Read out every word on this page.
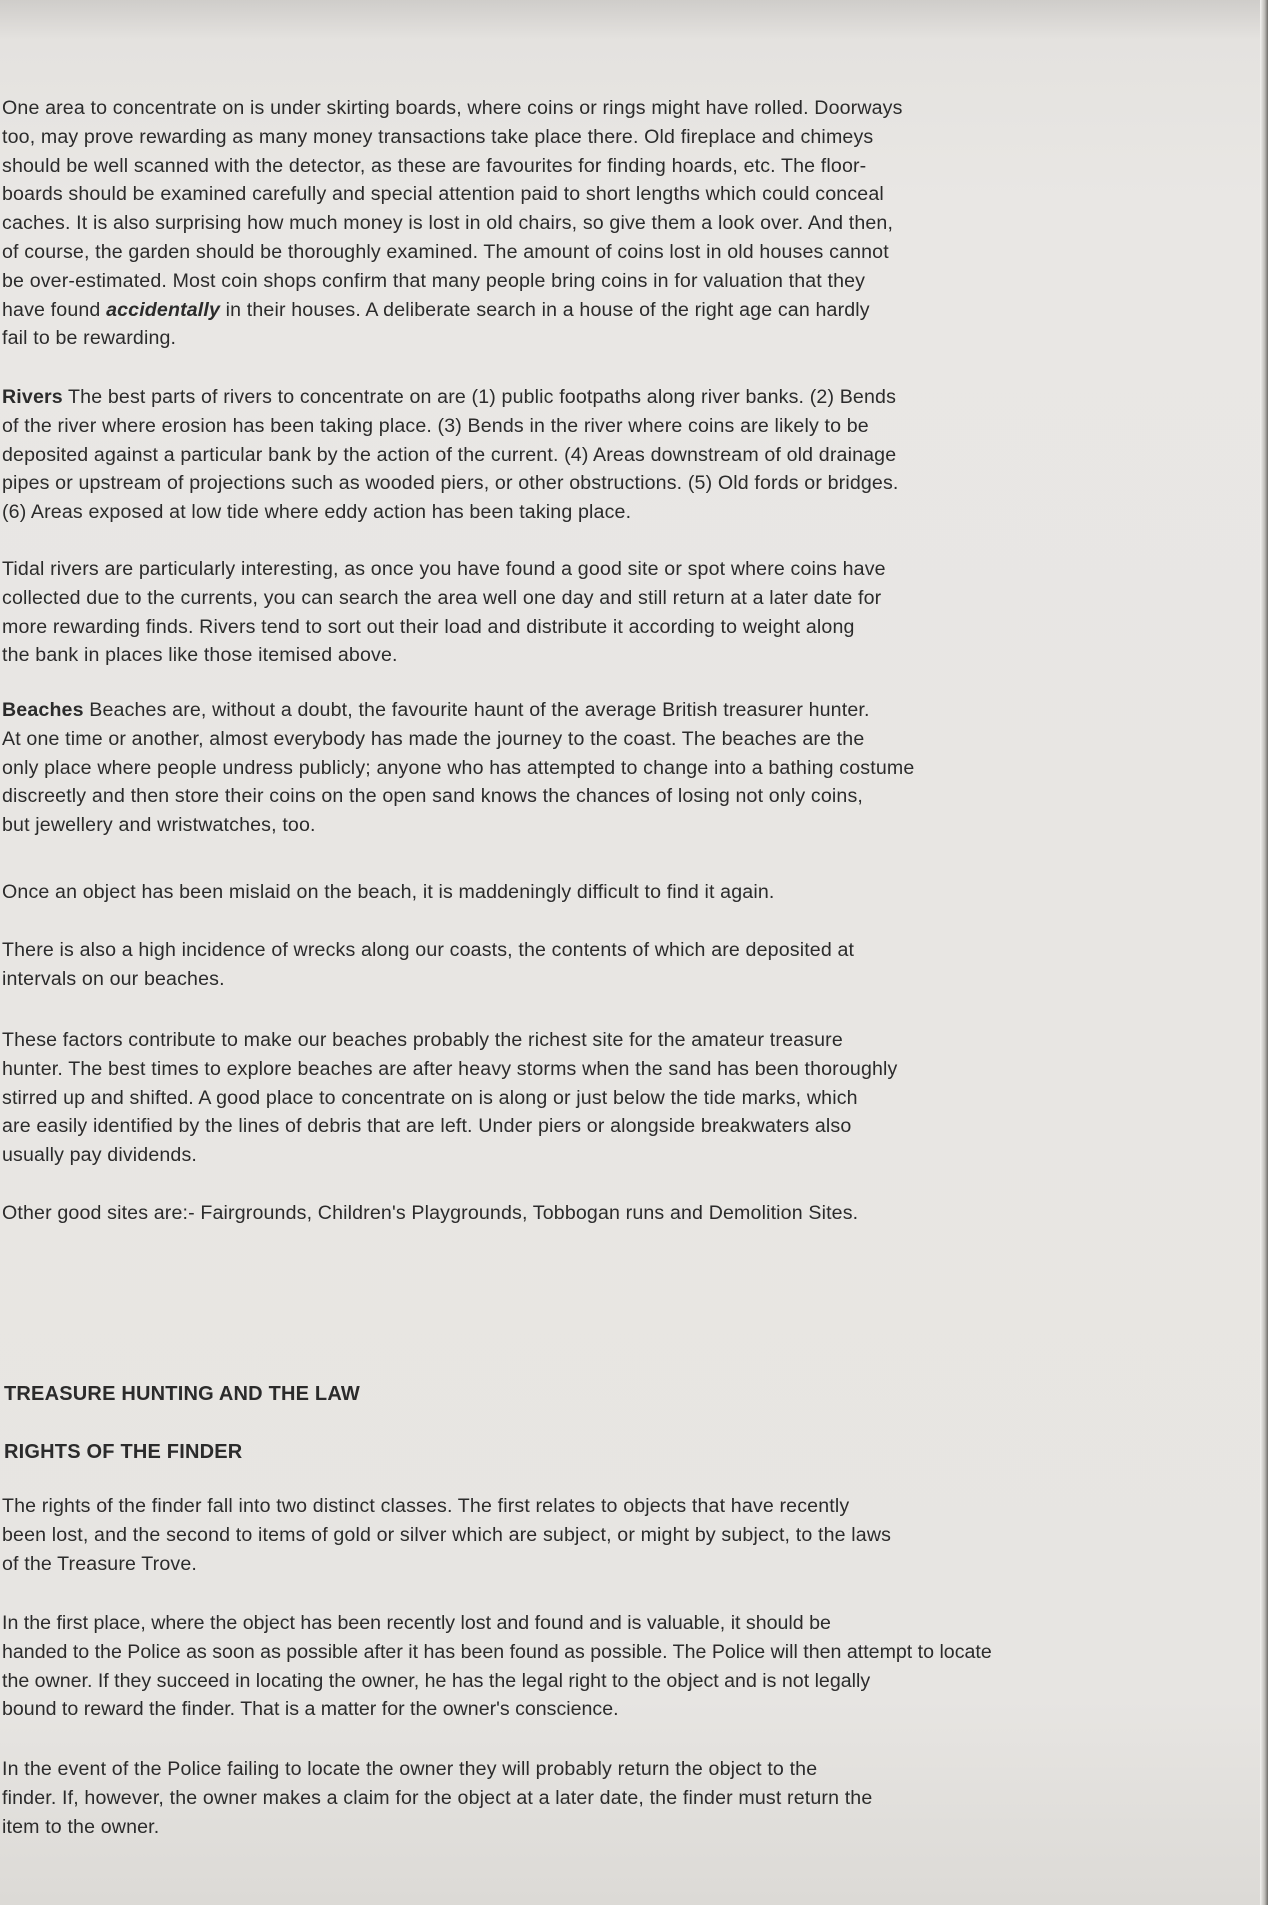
One area to concentrate on is under skirting boards, where coins or rings might have rolled. Doorways
too, may prove rewarding as many money transactions take place there. Old fireplace and chimeys
should be well scanned with the detector, as these are favourites for finding hoards, etc. The floor-
boards should be examined carefully and special attention paid to short lengths which could conceal
caches. It is also surprising how much money is lost in old chairs, so give them a look over. And then,
of course, the garden should be thoroughly examined. The amount of coins lost in old houses cannot
be over-estimated. Most coin shops confirm that many people bring coins in for valuation that they
have found accidentally in their houses. A deliberate search in a house of the right age can hardly
fail to be rewarding.
Rivers The best parts of rivers to concentrate on are (1) public footpaths along river banks. (2) Bends
of the river where erosion has been taking place. (3) Bends in the river where coins are likely to be
deposited against a particular bank by the action of the current. (4) Areas downstream of old drainage
pipes or upstream of projections such as wooded piers, or other obstructions. (5) Old fords or bridges.
(6) Areas exposed at low tide where eddy action has been taking place.
Tidal rivers are particularly interesting, as once you have found a good site or spot where coins have
collected due to the currents, you can search the area well one day and still return at a later date for
more rewarding finds. Rivers tend to sort out their load and distribute it according to weight along
the bank in places like those itemised above.
Beaches Beaches are, without a doubt, the favourite haunt of the average British treasurer hunter.
At one time or another, almost everybody has made the journey to the coast. The beaches are the
only place where people undress publicly; anyone who has attempted to change into a bathing costume
discreetly and then store their coins on the open sand knows the chances of losing not only coins,
but jewellery and wristwatches, too.
Once an object has been mislaid on the beach, it is maddeningly difficult to find it again.
There is also a high incidence of wrecks along our coasts, the contents of which are deposited at
intervals on our beaches.
These factors contribute to make our beaches probably the richest site for the amateur treasure
hunter. The best times to explore beaches are after heavy storms when the sand has been thoroughly
stirred up and shifted. A good place to concentrate on is along or just below the tide marks, which
are easily identified by the lines of debris that are left. Under piers or alongside breakwaters also
usually pay dividends.
Other good sites are:- Fairgrounds, Children's Playgrounds, Tobbogan runs and Demolition Sites.
TREASURE HUNTING AND THE LAW
RIGHTS OF THE FINDER
The rights of the finder fall into two distinct classes. The first relates to objects that have recently
been lost, and the second to items of gold or silver which are subject, or might by subject, to the laws
of the Treasure Trove.
In the first place, where the object has been recently lost and found and is valuable, it should be
handed to the Police as soon as possible after it has been found as possible. The Police will then attempt to locate
the owner. If they succeed in locating the owner, he has the legal right to the object and is not legally
bound to reward the finder. That is a matter for the owner's conscience.
In the event of the Police failing to locate the owner they will probably return the object to the
finder. If, however, the owner makes a claim for the object at a later date, the finder must return the
item to the owner.
